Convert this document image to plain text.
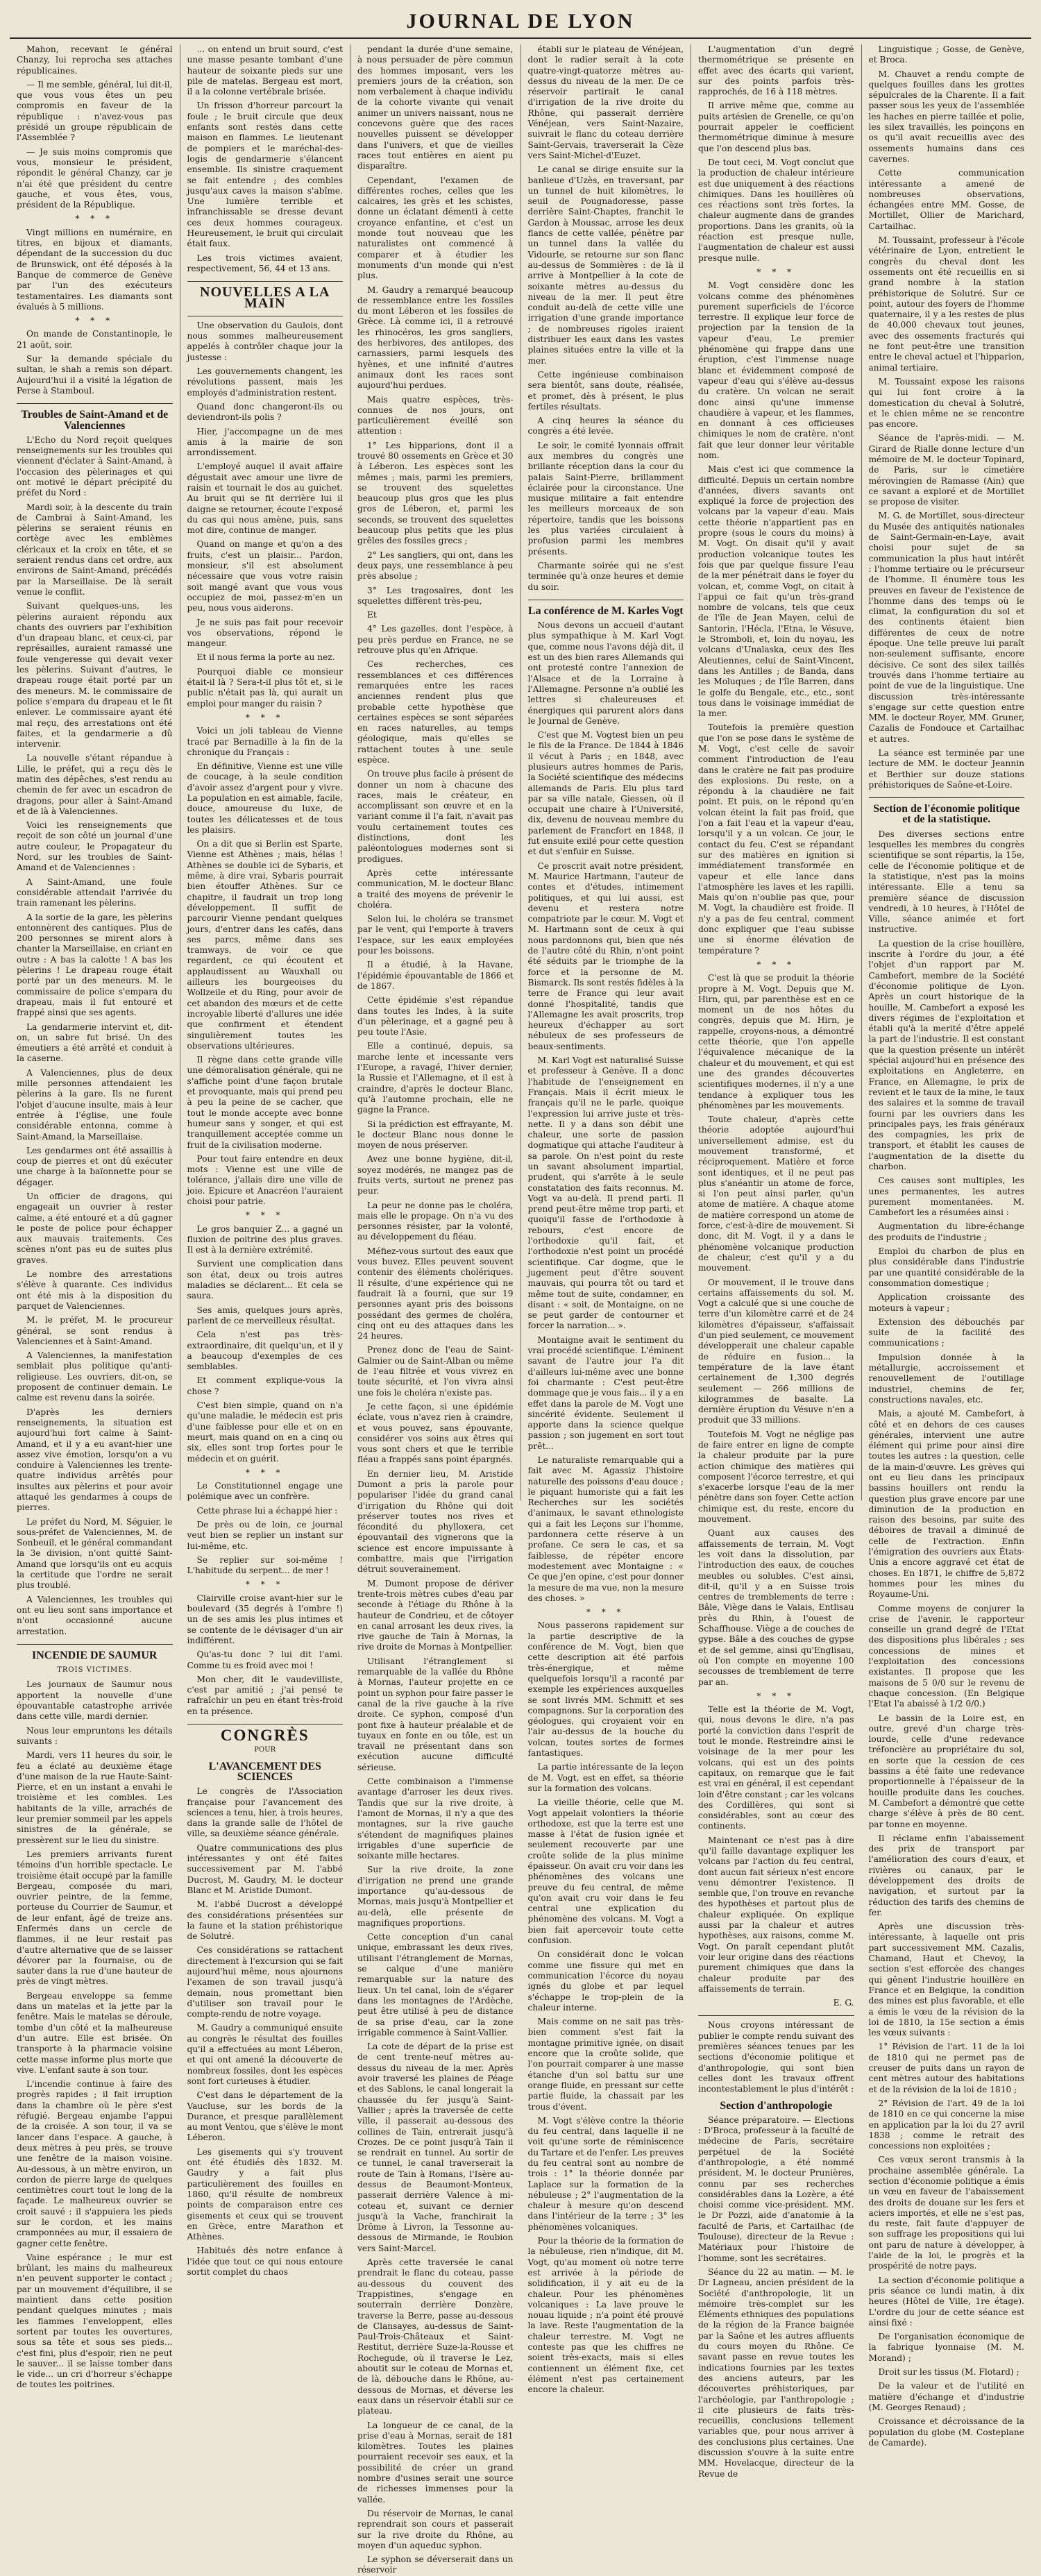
JOURNAL DE LYON

Mahon, recevant le général Chanzy, lui reprocha ses attaches républicaines.

— Il me semble, général, lui dit-il, que vous vous êtes un peu compromis en faveur de la république : n'avez-vous pas présidé un groupe républicain de l'Assemblée ?

— Je suis moins compromis que vous, monsieur le président, répondit le général Chanzy, car je n'ai été que président du centre gauche, et vous êtes, vous, président de la République.

* * *

Vingt millions en numéraire, en titres, en bijoux et diamants, dépendant de la succession du duc de Brunswick, ont été déposés à la Banque de commerce de Genève par l'un des exécuteurs testamentaires. Les diamants sont évalués à 5 millions.

* * *

On mande de Constantinople, le 21 août, soir.

Sur la demande spéciale du sultan, le shah a remis son départ. Aujourd'hui il a visité la légation de Perse à Stamboul.

Troubles de Saint-Amand et de Valenciennes

L'Echo du Nord reçoit quelques renseignements sur les troubles qui viennent d'éclater à Saint-Amand, à l'occasion des pèlerinages et qui ont motivé le départ précipité du préfet du Nord :

Mardi soir, à la descente du train de Cambrai à Saint-Amand, les pèlerins se seraient réunis en cortège avec les emblèmes cléricaux et la croix en tête, et se seraient rendus dans cet ordre, aux environs de Saint-Amand, précédés par la Marseillaise. De là serait venue le conflit.

Suivant quelques-uns, les pèlerins auraient répondu aux chants des ouvriers par l'exhibition d'un drapeau blanc, et ceux-ci, par représailles, auraient ramassé une foule vengeresse qui devait vexer les pèlerins. Suivant d'autres, le drapeau rouge était porté par un des meneurs. M. le commissaire de police s'empara du drapeau et le fit enlever. Le commissaire ayant été mal reçu, des arrestations ont été faites, et la gendarmerie a dû intervenir.

La nouvelle s'étant répandue à Lille, le préfet, qui a reçu dès le matin des dépêches, s'est rendu au chemin de fer avec un escadron de dragons, pour aller à Saint-Amand et de là à Valenciennes.

Voici les renseignements que reçoit de son côté un journal d'une autre couleur, le Propagateur du Nord, sur les troubles de Saint-Amand et de Valenciennes :

A Saint-Amand, une foule considérable attendait l'arrivée du train ramenant les pèlerins.

A la sortie de la gare, les pèlerins entonnèrent des cantiques. Plus de 200 personnes se mirent alors à chanter la Marseillaise, en criant en outre : A bas la calotte ! A bas les pèlerins ! Le drapeau rouge était porté par un des meneurs. M. le commissaire de police s'empara du drapeau, mais il fut entouré et frappé ainsi que ses agents.

La gendarmerie intervint et, dit-on, un sabre fut brisé. Un des émeutiers a été arrêté et conduit à la caserne.

A Valenciennes, plus de deux mille personnes attendaient les pèlerins à la gare. Ils ne furent l'objet d'aucune insulte, mais à leur entrée à l'église, une foule considérable entonna, comme à Saint-Amand, la Marseillaise.

Les gendarmes ont été assaillis à coup de pierres et ont dû exécuter une charge à la baïonnette pour se dégager.

Un officier de dragons, qui engageait un ouvrier à rester calme, a été entouré et a dû gagner le poste de police pour échapper aux mauvais traitements. Ces scènes n'ont pas eu de suites plus graves.

Le nombre des arrestations s'élève à quarante. Ces individus ont été mis à la disposition du parquet de Valenciennes.

M. le préfet, M. le procureur général, se sont rendus à Valenciennes et à Saint-Amand.

A Valenciennes, la manifestation semblait plus politique qu'anti-religieuse. Les ouvriers, dit-on, se proposent de continuer demain. Le calme est revenu dans la soirée.

D'après les derniers renseignements, la situation est aujourd'hui fort calme à Saint-Amand, et il y a eu avant-hier une assez vive émotion, lorsqu'on a vu conduire à Valenciennes les trente-quatre individus arrêtés pour insultes aux pèlerins et pour avoir attaqué les gendarmes à coups de pierres.

Le préfet du Nord, M. Séguier, le sous-préfet de Valenciennes, M. de Sonbeuil, et le général commandant la 3e division, n'ont quitté Saint-Amand que lorsqu'ils ont eu acquis la certitude que l'ordre ne serait plus troublé.

A Valenciennes, les troubles qui ont eu lieu sont sans importance et n'ont occasionné aucune arrestation.

INCENDIE DE SAUMUR
TROIS VICTIMES.

Les journaux de Saumur nous apportent la nouvelle d'une épouvantable catastrophe arrivée dans cette ville, mardi dernier.

Nous leur empruntons les détails suivants :

Mardi, vers 11 heures du soir, le feu a éclaté au deuxième étage d'une maison de la rue Haute-Saint-Pierre, et en un instant a envahi le troisième et les combles. Les habitants de la ville, arrachés de leur premier sommeil par les appels sinistres de la générale, se pressèrent sur le lieu du sinistre.

Les premiers arrivants furent témoins d'un horrible spectacle. Le troisième était occupé par la famille Bergeau, composée du mari, ouvrier peintre, de la femme, porteuse du Courrier de Saumur, et de leur enfant, âgé de treize ans. Enfermés dans un cercle de flammes, il ne leur restait pas d'autre alternative que de se laisser dévorer par la fournaise, ou de sauter dans la rue d'une hauteur de près de vingt mètres.

Bergeau enveloppe sa femme dans un matelas et la jette par la fenêtre. Mais le matelas se déroule, tombe d'un côté et la malheureuse d'un autre. Elle est brisée. On transporte à la pharmacie voisine cette masse informe plus morte que vive. L'enfant saute à son tour.

L'incendie continue à faire des progrès rapides ; il fait irruption dans la chambre où le père s'est réfugié. Bergeau enjambe l'appui de la croisée. A son tour, il va se lancer dans l'espace. A gauche, à deux mètres à peu près, se trouve une fenêtre de la maison voisine. Au-dessous, à un mètre environ, un cordon de pierre large de quelques centimètres court tout le long de la façade. Le malheureux ouvrier se croit sauvé : il s'appuiera les pieds sur le cordon, et les mains cramponnées au mur, il essaiera de gagner cette fenêtre.

Vaine espérance ; le mur est brûlant, les mains du malheureux n'en peuvent supporter le contact ; par un mouvement d'équilibre, il se maintient dans cette position pendant quelques minutes ; mais les flammes l'enveloppent, elles sortent par toutes les ouvertures, sous sa tête et sous ses pieds... c'est fini, plus d'espoir, rien ne peut le sauver... il se laisse tomber dans le vide... un cri d'horreur s'échappe de toutes les poitrines.

... on entend un bruit sourd, c'est une masse pesante tombant d'une hauteur de soixante pieds sur une pile de matelas. Bergeau est mort, il a la colonne vertébrale brisée.

Un frisson d'horreur parcourt la foule ; le bruit circule que deux enfants sont restés dans cette maison en flammes. Le lieutenant de pompiers et le maréchal-des-logis de gendarmerie s'élancent ensemble. Ils sinistre craquement se fait entendre ; des combles jusqu'aux caves la maison s'abîme. Une lumière terrible et infranchissable se dresse devant ces deux hommes courageux. Heureusement, le bruit qui circulait était faux.

Les trois victimes avaient, respectivement, 56, 44 et 13 ans.

NOUVELLES A LA MAIN

Une observation du Gaulois, dont nous sommes malheureusement appelés à contrôler chaque jour la justesse :

Les gouvernements changent, les révolutions passent, mais les employés d'administration restent.

Quand donc changeront-ils ou deviendront-ils polis ?

Hier, j'accompagne un de mes amis à la mairie de son arrondissement.

L'employé auquel il avait affaire dégustait avec amour une livre de raisin et tournait le dos au guichet. Au bruit qui se fit derrière lui il daigne se retourner, écoute l'exposé du cas qui nous amène, puis, sans mot dire, continue de manger.

Quand on mange et qu'on a des fruits, c'est un plaisir... Pardon, monsieur, s'il est absolument nécessaire que vous votre raisin soit mangé avant que vous vous occupiez de moi, passez-m'en un peu, nous vous aiderons.

Je ne suis pas fait pour recevoir vos observations, répond le mangeur.

Et il nous ferma la porte au nez.

Pourquoi diable ce monsieur était-il là ? Sera-t-il plus tôt et, si le public n'était pas là, qui aurait un emploi pour manger du raisin ?

* * *

Voici un joli tableau de Vienne tracé par Bernadille à la fin de la chronique du Français :

En définitive, Vienne est une ville de coucage, à la seule condition d'avoir assez d'argent pour y vivre. La population en est aimable, facile, douce, amoureuse du luxe, de toutes les délicatesses et de tous les plaisirs.

On a dit que si Berlin est Sparte, Vienne est Athènes ; mais, hélas ! Athènes se double ici de Sybaris, et même, à dire vrai, Sybaris pourrait bien étouffer Athènes. Sur ce chapitre, il faudrait un trop long développement. Il suffit de parcourir Vienne pendant quelques jours, d'entrer dans les cafés, dans ses parcs, même dans ses tramways, de voir ce que regardent, ce qui écoutent et applaudissent au Wauxhall ou ailleurs les bourgeoises du Wollzeile et du Ring, pour avoir de cet abandon des mœurs et de cette incroyable liberté d'allures une idée que confirment et étendent singulièrement toutes les observations ultérieures.

Il règne dans cette grande ville une démoralisation générale, qui ne s'affiche point d'une façon brutale et provoquante, mais qui prend peu à peu la peine de se cacher, que tout le monde accepte avec bonne humeur sans y songer, et qui est tranquillement acceptée comme un fruit de la civilisation moderne.

Pour tout faire entendre en deux mots : Vienne est une ville de tolérance, j'allais dire une ville de joie. Epicure et Anacréon l'auraient choisi pour patrie.

* * *

Le gros banquier Z... a gagné un fluxion de poitrine des plus graves. Il est à la dernière extrémité.

Survient une complication dans son état, deux ou trois autres maladies se déclarent... Et cela se saura.

Ses amis, quelques jours après, parlent de ce merveilleux résultat.

Cela n'est pas très-extraordinaire, dit quelqu'un, et il y a beaucoup d'exemples de ces semblables.

Et comment explique-vous la chose ?

C'est bien simple, quand on n'a qu'une maladie, le médecin est pris d'une faiblesse pour elle et on en meurt, mais quand on en a cinq ou six, elles sont trop fortes pour le médecin et on guérit.

* * *

Le Constitutionnel engage une polémique avec un confrère.

Cette phrase lui a échappé hier :

De près ou de loin, ce journal veut bien se replier un instant sur lui-même, etc.

Se replier sur soi-même ! L'habitude du serpent... de mer !

* * *

Clairville croise avant-hier sur le boulevard (35 degrés à l'ombre !) un de ses amis les plus intimes et se contente de le dévisager d'un air indifférent.

Qu'as-tu donc ? lui dit l'ami. Comme tu es froid avec moi !

Mon cher, dit le vaudevilliste, c'est par amitié ; j'ai pensé te rafraîchir un peu en étant très-froid en ta présence.

CONGRÈS
POUR
L'AVANCEMENT DES SCIENCES

Le congrès de l'Association française pour l'avancement des sciences a tenu, hier, à trois heures, dans la grande salle de l'hôtel de ville, sa deuxième séance générale.

Quatre communications des plus intéressantes y ont été faites successivement par M. l'abbé Ducrost, M. Gaudry, M. le docteur Blanc et M. Aristide Dumont.

M. l'abbé Ducrost a développé des considérations présentées sur la faune et la station préhistorique de Solutré.

Ces considérations se rattachent directement à l'excursion qui se fait aujourd'hui même, nous ajournons l'examen de son travail jusqu'à demain, nous promettant bien d'utiliser son travail pour le compte-rendu de notre voyage.

M. Gaudry a communiqué ensuite au congrès le résultat des fouilles qu'il a effectuées au mont Léberon, et qui ont amené la découverte de nombreux fossiles, dont les espèces sont fort curieuses à étudier.

C'est dans le département de la Vaucluse, sur les bords de la Durance, et presque parallèlement au mont Ventou, que s'élève le mont Léberon.

Les gisements qui s'y trouvent ont été étudiés dès 1832. M. Gaudry y a fait plus particulièrement des fouilles en 1860, qu'il résulte de nombreux points de comparaison entre ces gisements et ceux qui se trouvent en Grèce, entre Marathon et Athènes.

Habitués dès notre enfance à l'idée que tout ce qui nous entoure sortit complet du chaos

pendant la durée d'une semaine, à nous persuader de père commun des hommes imposant, vers les premiers jours de la création, son nom verbalement à chaque individu de la cohorte vivante qui venait animer un univers naissant, nous ne concevons guère que des races nouvelles puissent se développer dans l'univers, et que de vieilles races tout entières en aient pu disparaître.

Cependant, l'examen de différentes roches, celles que les calcaires, les grès et les schistes, donne un éclatant démenti à cette croyance enfantine, et c'est un monde tout nouveau que les naturalistes ont commencé à comparer et à étudier les monuments d'un monde qui n'est plus.

M. Gaudry a remarqué beaucoup de ressemblance entre les fossiles du mont Léberon et les fossiles de Grèce. Là comme ici, il a retrouvé les rhinocéros, les gros sangliers, des herbivores, des antilopes, des carnassiers, parmi lesquels des hyènes, et une infinité d'autres animaux dont les races sont aujourd'hui perdues.

Mais quatre espèces, très-connues de nos jours, ont particulièrement éveillé son attention :

1° Les hipparions, dont il a trouvé 80 ossements en Grèce et 30 à Léberon. Les espèces sont les mêmes ; mais, parmi les premiers, se trouvent des squelettes beaucoup plus gros que les plus gros de Léberon, et, parmi les seconds, se trouvent des squelettes beaucoup plus petits que les plus grêles des fossiles grecs ;

2° Les sangliers, qui ont, dans les deux pays, une ressemblance à peu près absolue ;

3° Les tragosaires, dont les squelettes diffèrent très-peu,

Et

4° Les gazelles, dont l'espèce, à peu près perdue en France, ne se retrouve plus qu'en Afrique.

Ces recherches, ces ressemblances et ces différences remarquées entre les races anciennes rendent plus que probable cette hypothèse que certaines espèces se sont séparées en races naturelles, au temps géologique, mais qu'elles se rattachent toutes à une seule espèce.

On trouve plus facile à présent de donner un nom à chacune des races, mais le créateur, en accomplissant son œuvre et en la variant comme il l'a fait, n'avait pas voulu certainement toutes ces distinctions, dont les paléontologues modernes sont si prodigues.

Après cette intéressante communication, M. le docteur Blanc a traité des moyens de prévenir le choléra.

Selon lui, le choléra se transmet par le vent, qui l'emporte à travers l'espace, sur les eaux employées pour les boissons.

Il a étudié, à la Havane, l'épidémie épouvantable de 1866 et de 1867.

Cette épidémie s'est répandue dans toutes les Indes, à la suite d'un pèlerinage, et a gagné peu à peu toute l'Asie.

Elle a continué, depuis, sa marche lente et incessante vers l'Europe, a ravagé, l'hiver dernier, la Russie et l'Allemagne, et il est à craindre, d'après le docteur Blanc, qu'à l'automne prochain, elle ne gagne la France.

Si la prédiction est effrayante, M. le docteur Blanc nous donne le moyen de nous préserver.

Avez une bonne hygiène, dit-il, soyez modérés, ne mangez pas de fruits verts, surtout ne prenez pas peur.

La peur ne donne pas le choléra, mais elle le propage. On n'a vu des personnes résister, par la volonté, au développement du fléau.

Méfiez-vous surtout des eaux que vous buvez. Elles peuvent souvent contenir des éléments cholériques. Il résulte, d'une expérience qui ne faudrait là a fourni, que sur 19 personnes ayant pris des boissons possédant des germes de choléra, cinq ont eu des attaques dans les 24 heures.

Prenez donc de l'eau de Saint-Galmier ou de Saint-Alban ou même de l'eau filtrée et vous vivrez en toute sécurité, et l'on vivra ainsi une fois le choléra n'existe pas.

Je cette façon, si une épidémie éclate, vous n'avez rien à craindre, et vous pouvez, sans épouvante, considérer vos soins aux êtres qui vous sont chers et que le terrible fléau a frappés sans point épargnés.

En dernier lieu, M. Aristide Dumont a pris la parole pour populariser l'idée du grand canal d'irrigation du Rhône qui doit préserver toutes nos rives et fécondité du phylloxera, cet épouvantail des vignerons que la science est encore impuissante à combattre, mais que l'irrigation détruit souverainement.

M. Dumont propose de dériver trente-trois mètres cubes d'eau par seconde à l'étiage du Rhône à la hauteur de Condrieu, et de côtoyer en canal arrosant les deux rives, la rive gauche de Tain à Mornas, la rive droite de Mornas à Montpellier.

Utilisant l'étranglement si remarquable de la vallée du Rhône à Mornas, l'auteur projette en ce point un syphon pour faire passer le canal de la rive gauche à la rive droite. Ce syphon, composé d'un pont fixe à hauteur préalable et de tuyaux en fonte en ou tôle, est un travail ne présentant dans son exécution aucune difficulté sérieuse.

Cette combinaison a l'immense avantage d'arroser les deux rives. Tandis que sur la rive droite, à l'amont de Mornas, il n'y a que des montagnes, sur la rive gauche s'étendent de magnifiques plaines irrigables d'une superficie de soixante mille hectares.

Sur la rive droite, la zone d'irrigation ne prend une grande importance qu'au-dessous de Mornas, mais jusqu'à Montpellier et au-delà, elle présente de magnifiques proportions.

Cette conception d'un canal unique, embrassant les deux rives, utilisant l'étranglement de Mornas, se calque d'une manière remarquable sur la nature des lieux. Un tel canal, loin de s'égarer dans les montagnes de l'Ardèche, peut être utilisé à peu de distance de sa prise d'eau, car la zone irrigable commence à Saint-Vallier.

La cote de départ de la prise est de cent trente-neuf mètres au-dessus du niveau de la mer. Après avoir traversé les plaines de Péage et des Sablons, le canal longerait la chaussée du fer jusqu'à Saint-Vallier ; après la traversée de cette ville, il passerait au-dessous des collines de Tain, entrerait jusqu'à Crozes. De ce point jusqu'à Tain il se rendrait en tunnel. Au sortir de ce tunnel, le canal traverserait la route de Tain à Romans, l'Isère au-dessus de Beaumont-Monteux, passerait derrière Valence à mi-coteau et, suivant ce dernier jusqu'à la Vache, franchirait la Drôme à Livron, la Tessonne au-dessous de Mirmande, le Roubion vers Saint-Marcel.

Après cette traversée le canal prendrait le flanc du coteau, passe au-dessous du couvent des Trappistines, s'engage en souterrain derrière Donzère, traverse la Berre, passe au-dessous de Clansayes, au-dessus de Saint-Paul-Trois-Châteaux et Saint-Restitut, derrière Suze-la-Rousse et Rochegude, où il traverse le Lez, aboutit sur le coteau de Mornas et, de là, débouche dans le Rhône, au-dessous de Mornas, et déverse les eaux dans un réservoir établi sur ce plateau.

La longueur de ce canal, de la prise d'eau à Mornas, serait de 181 kilomètres. Toutes les plaines pourraient recevoir ses eaux, et la possibilité de créer un grand nombre d'usines serait une source de richesses immenses pour la vallée.

Du réservoir de Mornas, le canal reprendrait son cours et passerait sur la rive droite du Rhône, au moyen d'un aqueduc syphon.

Le syphon se déverserait dans un réservoir

établi sur le plateau de Vénéjean, dont le radier serait à la cote quatre-vingt-quatorze mètres au-dessus du niveau de la mer. De ce réservoir partirait le canal d'irrigation de la rive droite du Rhône, qui passerait derrière Vénéjean, vers Saint-Nazaire, suivrait le flanc du coteau derrière Saint-Gervais, traverserait la Cèze vers Saint-Michel-d'Euzet.

Le canal se dirige ensuite sur la banlieue d'Uzès, en traversant, par un tunnel de huit kilomètres, le seuil de Pougnadoresse, passe derrière Saint-Chaptes, franchit le Gardon à Moussac, arrose les deux flancs de cette vallée, pénètre par un tunnel dans la vallée du Vidourle, se retourne sur son flanc au-dessus de Sommières : de là il arrive à Montpellier à la cote de soixante mètres au-dessus du niveau de la mer. Il peut être conduit au-delà de cette ville une irrigation d'une grande importance ; de nombreuses rigoles iraient distribuer les eaux dans les vastes plaines situées entre la ville et la mer.

Cette ingénieuse combinaison sera bientôt, sans doute, réalisée, et promet, dès à présent, le plus fertiles résultats.

A cinq heures la séance du congrès a été levée.

Le soir, le comité lyonnais offrait aux membres du congrès une brillante réception dans la cour du palais Saint-Pierre, brillamment éclairée pour la circonstance. Une musique militaire a fait entendre les meilleurs morceaux de son répertoire, tandis que les boissons les plus variées circulaient à profusion parmi les membres présents.

Charmante soirée qui ne s'est terminée qu'à onze heures et demie du soir.

La conférence de M. Karles Vogt

Nous devons un accueil d'autant plus sympathique à M. Karl Vogt que, comme nous l'avons déjà dit, il est un des bien rares Allemands qui ont protesté contre l'annexion de l'Alsace et de la Lorraine à l'Allemagne. Personne n'a oublié les lettres si chaleureuses et énergiques qui parurent alors dans le Journal de Genève.

C'est que M. Vogtest bien un peu le fils de la France. De 1844 à 1846 il vécut à Paris ; en 1848, avec plusieurs autres hommes de Paris, la Société scientifique des médecins allemands de Paris. Elu plus tard par sa ville natale, Giessen, où il occupait une chaire à l'Université, dix, devenu de nouveau membre du parlement de Francfort en 1848, il fut ensuite exilé pour cette question et dut s'enfuir en Suisse.

Ce proscrit avait notre président, M. Maurice Hartmann, l'auteur de contes et d'études, intimement politiques, et qui lui aussi, est devenu et restera notre compatriote par le cœur. M. Vogt et M. Hartmann sont de ceux à qui nous pardonnons qui, bien que nés de l'autre côté du Rhin, n'ont point été séduits par le triomphe de la force et la personne de M. Bismarck. Ils sont restés fidèles à la terre de France qui leur avait donné l'hospitalité, tandis que l'Allemagne les avait proscrits, trop heureux d'échapper au sort nébuleux de ses professeurs de beaux-sentiments.

M. Karl Vogt est naturalisé Suisse et professeur à Genève. Il a donc l'habitude de l'enseignement en Français. Mais il écrit mieux le français qu'il ne le parle, quoique l'expression lui arrive juste et très-nette. Il y a dans son débit une chaleur, une sorte de passion dogmatique qui attache l'auditeur à sa parole. On n'est point du reste un savant absolument impartial, prudent, qui s'arrête à le seule constatation des faits reconnus. M. Vogt va au-delà. Il prend parti. Il prend peut-être même trop parti, et quoiqu'il fasse de l'orthodoxie à rebours, c'est encore de l'orthodoxie qu'il fait, et l'orthodoxie n'est point un procédé scientifique. Car dogme, que le jugement peut d'être souvent mauvais, qui pourra tôt ou tard et même tout de suite, condamner, en disant : « soit, de Montaigne, on ne se peut garder de contourner et forcer la narration... ».

Montaigne avait le sentiment du vrai procédé scientifique. L'éminent savant de l'autre jour l'a dit d'ailleurs lui-même avec une bonne foi charmante : C'est peut-être dommage que je vous fais... il y a en effet dans la parole de M. Vogt une sincérité évidente. Seulement il apporte dans la science quelque passion ; son jugement en sort tout prêt...

Le naturaliste remarquable qui a fait avec M. Agassiz l'histoire naturelle des poissons d'eau douce ; le piquant humoriste qui a fait les Recherches sur les sociétés d'animaux, le savant ethnologiste qui a fait les Leçons sur l'homme, pardonnera cette réserve à un profane. Ce sera le cas, et sa faiblesse, de répéter encore modestement avec Montaigne : « Ce que j'en opine, c'est pour donner la mesure de ma vue, non la mesure des choses. »

* * *

Nous passerons rapidement sur la partie descriptive de la conférence de M. Vogt, bien que cette description ait été parfois très-énergique, et même quelquefois lorsqu'il a raconté par exemple les expériences auxquelles se sont livrés MM. Schmitt et ses compagnons. Sur la corporation des géologues, qui croyaient voir en l'air au-dessus de la bouche du volcan, toutes sortes de formes fantastiques.

La partie intéressante de la leçon de M. Vogt, est en effet, sa théorie sur la formation des volcans.

La vieille théorie, celle que M. Vogt appelait volontiers la théorie orthodoxe, est que la terre est une masse à l'état de fusion ignée et seulement recouverte par une croûte solide de la plus minime épaisseur. On avait cru voir dans les phénomènes des volcans une preuve du feu central, de même qu'on avait cru voir dans le feu central une explication du phénomène des volcans. M. Vogt a bien fait apercevoir toute cette confusion.

On considérait donc le volcan comme une fissure qui met en communication l'écorce du noyau ignés du globe et par lequel s'échappe le trop-plein de la chaleur interne.

Mais comme on ne sait pas très-bien comment s'est fait la montagne primitive ignée, on disait encore que la croûte solide, que l'on pourrait comparer à une masse étanche d'un sol battu sur une orange fluide, en pressant sur cette partie fluide, la chassait par les trous d'évent.

M. Vogt s'élève contre la théorie du feu central, dans laquelle il ne voit qu'une sorte de réminiscence du Tartare et de l'enfer. Les preuves du feu central sont au nombre de trois : 1° la théorie donnée par Laplace sur la formation de la nébuleuse ; 2° l'augmentation de la chaleur à mesure qu'on descend dans l'intérieur de la terre ; 3° les phénomènes volcaniques.

Pour la théorie de la formation de la nébuleuse, rien n'indique, dit M. Vogt, qu'au moment où notre terre est arrivée à la période de solidification, il y ait eu de la chaleur. Pour les phénomènes volcaniques : La lave prouve le nouau liquide ; n'a point été prouvé la lave. Reste l'augmentation de la chaleur terrestre. M. Vogt ne conteste pas que les chiffres ne soient très-exacts, mais si elles contiennent un élément fixe, cet élément n'est pas certainement encore la chaleur.

L'augmentation d'un degré thermométrique se présente en effet avec des écarts qui varient, sur des points parfois très-rapprochés, de 16 à 118 mètres.

Il arrive même que, comme au puits artésien de Grenelle, ce qu'on pourrait appeler le coefficient thermométrique diminue à mesure que l'on descend plus bas.

De tout ceci, M. Vogt conclut que la production de chaleur intérieure est due uniquement à des réactions chimiques. Dans les houillères où ces réactions sont très fortes, la chaleur augmente dans de grandes proportions. Dans les granits, où la réaction est presque nulle, l'augmentation de chaleur est aussi presque nulle.

* * *

M. Vogt considère donc les volcans comme des phénomènes purement superficiels de l'écorce terrestre. Il explique leur force de projection par la tension de la vapeur d'eau. Le premier phénomène qui frappe dans une éruption, c'est l'immense nuage blanc et évidemment composé de vapeur d'eau qui s'élève au-dessus du cratère. Un volcan ne serait donc ainsi qu'une immense chaudière à vapeur, et les flammes, en donnant à ces officieuses chimiques le nom de cratère, n'ont fait que leur donner leur véritable nom.

Mais c'est ici que commence la difficulté. Depuis un certain nombre d'années, divers savants ont expliqué la force de projection des volcans par la vapeur d'eau. Mais cette théorie n'appartient pas en propre (sous le cours du moins) à M. Vogt. On disait qu'il y avait production volcanique toutes les fois que par quelque fissure l'eau de la mer pénétrait dans le foyer du volcan, et, comme Vogt, on citait à l'appui ce fait qu'un très-grand nombre de volcans, tels que ceux de l'île de Jean Mayen, celui de Santorin, l'Hécla, l'Etna, le Vésuve, le Stromboli, et, loin du noyau, les volcans d'Unalaska, ceux des îles Aleutiennes, celui de Saint-Vincent, dans les Antilles ; de Banda, dans les Moluques ; de l'île Barren, dans le golfe du Bengale, etc., etc., sont tous dans le voisinage immédiat de la mer.

Toutefois la première question que l'on se pose dans le système de M. Vogt, c'est celle de savoir comment l'introduction de l'eau dans le cratère ne fait pas produire des explosions. Du reste, on a répondu à la chaudière ne fait point. Et puis, on le répond qu'en volcan éteint la fait pas froid, que l'on a fait l'eau et la vapeur d'eau, lorsqu'il y a un volcan. Ce jour, le contact du feu. C'est se répandant sur des matières en ignition si immédiatement transformée en vapeur et elle lance dans l'atmosphère les laves et les rapilli. Mais qu'on n'oublie pas que, pour M. Vogt, la chaudière est froide. Il n'y a pas de feu central, comment donc expliquer que l'eau subisse une si énorme élévation de température ?

* * *

C'est là que se produit la théorie propre à M. Vogt. Depuis que M. Hirn, qui, par parenthèse est en ce moment un de nos hôtes du congrès, depuis que M. Hirn, je rappelle, croyons-nous, a démontré cette théorie, que l'on appelle l'équivalence mécanique de la chaleur et du mouvement, et qui est une des grandes découvertes scientifiques modernes, il n'y a une tendance à expliquer tous les phénomènes par les mouvements.

Toute chaleur, d'après cette théorie adoptée aujourd'hui universellement admise, est du mouvement transformé, et réciproquement. Matière et force sont identiques, et il ne peut pas plus s'anéantir un atome de force, si l'on peut ainsi parler, qu'un atome de matière. A chaque atome de matière correspond un atome de force, c'est-à-dire de mouvement. Si donc, dit M. Vogt, il y a dans le phénomène volcanique production de chaleur, c'est qu'il y a du mouvement.

Or mouvement, il le trouve dans certains affaissements du sol. M. Vogt a calculé que si une couche de terre d'un kilomètre carré et de 24 kilomètres d'épaisseur, s'affaissait d'un pied seulement, ce mouvement développerait une chaleur capable de réduire en fusion... la température de la lave étant certainement de 1,300 degrés seulement — 266 millions de kilogrammes de basalte. La dernière éruption du Vésuve n'en a produit que 33 millions.

Toutefois M. Vogt ne néglige pas de faire entrer en ligne de compte la chaleur produite par la pure action chimique des matières qui composent l'écorce terrestre, et qui s'exacerbe lorsque l'eau de la mer pénètre dans son foyer. Cette action chimique est, du reste, encore du mouvement.

Quant aux causes des affaissements de terrain, M. Vogt les voit dans la dissolution, par l'introduction des eaux, de couches meubles ou solubles. C'est ainsi, dit-il, qu'il y a en Suisse trois centres de tremblements de terre : Bâle, Viège dans le Valais, Entlisau près du Rhin, à l'ouest de Schaffhouse. Viège a de couches de gypse. Bâle a des couches de gypse et de sel gemme, ainsi qu'Englisau, où l'on compte en moyenne 100 secousses de tremblement de terre par an.

* * *

Telle est la théorie de M. Vogt, qui, nous devons le dire, n'a pas porté la conviction dans l'esprit de tout le monde. Restreindre ainsi le voisinage de la mer pour les volcans, qui est un des points capitaux, on remarque que le fait est vrai en général, il est cependant loin d'être constant ; car les volcans des Cordillères, qui sont si considérables, sont au cœur des continents.

Maintenant ce n'est pas à dire qu'il faille davantage expliquer les volcans par l'action du feu central, dont aucun fait sérieux n'est encore venu démontrer l'existence. Il semble que, l'on trouve en revanche des hypothèses et partout plus de chaleur expliquée. On explique aussi par la chaleur et autres hypothèses, aux raisons, comme M. Vogt. On paraît cependant plutôt voir leur origine dans des réactions purement chimiques que dans la chaleur produite par des affaissements de terrain.

E. G.

Nous croyons intéressant de publier le compte rendu suivant des premières séances tenues par les sections d'économie politique et d'anthropologie, qui sont bien celles dont les travaux offrent incontestablement le plus d'intérêt :

Section d'anthropologie

Séance préparatoire. — Elections : D'Broca, professeur à la faculté de médecine de Paris, secrétaire perpétuel de la Société d'anthropologie, a été nommé président, M. le docteur Prunières, connu par ses recherches considérables dans la Lozère, a été choisi comme vice-président. MM. le Dr Pozzi, aide d'anatomie à la faculté de Paris, et Cartailhac (de Toulouse), directeur de la Revue : Matériaux pour l'histoire de l'homme, sont les secrétaires.

Séance du 22 au matin. — M. le Dr Lagneau, ancien président de la Société d'anthropologie, lit un mémoire très-complet sur les Éléments ethniques des populations de la région de la France baignée par la Saône et les autres affluents du cours moyen du Rhône. Ce savant passe en revue toutes les indications fournies par les textes des anciens auteurs, par les découvertes préhistoriques, par l'archéologie, par l'anthropologie ; il cite plusieurs de faits très-recueillis, conclusions tellement variables que, pour nous arriver à des conclusions plus certaines. Une discussion s'ouvre à la suite entre MM. Hovelacque, directeur de la Revue de

Linguistique ; Gosse, de Genève, et Broca.

M. Chauvet a rendu compte de quelques fouilles dans les grottes sépulcrales de la Charente. Il a fait passer sous les yeux de l'assemblée les haches en pierre taillée et polie, les silex travaillés, les poinçons en os qu'il avait recueillis avec des ossements humains dans ces cavernes.

Cette communication intéressante a amené de nombreuses observations, échangées entre MM. Gosse, de Mortillet, Ollier de Marichard, Cartailhac.

M. Toussaint, professeur à l'école vétérinaire de Lyon, entretient le congrès du cheval dont les ossements ont été recueillis en si grand nombre à la station préhistorique de Solutré. Sur ce point, autour des foyers de l'homme quaternaire, il y a les restes de plus de 40,000 chevaux tout jeunes, avec des ossements fracturés qui ne font peut-être une transition entre le cheval actuel et l'hipparion, animal tertiaire.

M. Toussaint expose les raisons qui lui font croire à la domestication du cheval à Solutré, et le chien même ne se rencontre pas encore.

Séance de l'après-midi. — M. Girard de Rialle donne lecture d'un mémoire de M. le docteur Topinard, de Paris, sur le cimetière mérovingien de Ramasse (Ain) que ce savant a exploré et de Mortillet se propose de visiter.

M. G. de Mortillet, sous-directeur du Musée des antiquités nationales de Saint-Germain-en-Laye, avait choisi pour sujet de sa communication la plus haut intérêt : l'homme tertiaire ou le précurseur de l'homme. Il énumère tous les preuves en faveur de l'existence de l'homme dans des temps où le climat, la configuration du sol et des continents étaient bien différentes de ceux de notre époque. Une telle preuve lui paraît non-seulement suffisante, encore décisive. Ce sont des silex taillés trouvés dans l'homme tertiaire au point de vue de la linguistique. Une discussion très-intéressante s'engage sur cette question entre MM. le docteur Royer, MM. Gruner, Cazalis de Fondouce et Cartailhac et autres.

La séance est terminée par une lecture de MM. le docteur Jeannin et Berthier sur douze stations préhistoriques de Saône-et-Loire.

Section de l'économie politique et de la statistique.

Des diverses sections entre lesquelles les membres du congrès scientifique se sont répartis, la 15e, celle de l'économie politique et de la statistique, n'est pas la moins intéressante. Elle a tenu sa première séance de discussion vendredi, à 10 heures, à l'Hôtel de Ville, séance animée et fort instructive.

La question de la crise houillère, inscrite à l'ordre du jour, a été l'objet d'un rapport par M. Cambefort, membre de la Société d'économie politique de Lyon. Après un court historique de la houille, M. Cambefort a exposé les divers régimes de l'exploitation et établi qu'à la merité d'être appelé la part de l'industrie. Il est constant que la question présente un intérêt spécial aujourd'hui en présence des exploitations en Angleterre, en France, en Allemagne, le prix de revient et le taux de la mine, le taux des salaires et la somme de travail fourni par les ouvriers dans les principales pays, les frais généraux des compagnies, les prix de transport, et établit les causes de l'augmentation de la disette du charbon.

Ces causes sont multiples, les unes permanentes, les autres purement momentanées. M. Cambefort les a résumées ainsi :

Augmentation du libre-échange des produits de l'industrie ;

Emploi du charbon de plus en plus considérable dans l'industrie par une quantité considérable de la consommation domestique ;

Application croissante des moteurs à vapeur ;

Extension des débouchés par suite de la facilité des communications ;

Impulsion donnée à la métallurgie, accroissement et renouvellement de l'outillage industriel, chemins de fer, constructions navales, etc.

Mais, a ajouté M. Cambefort, à côté et en dehors de ces causes générales, intervient une autre élément qui prime pour ainsi dire toutes les autres : la question, celle de la main-d'œuvre. Les grèves qui ont eu lieu dans les principaux bassins houillers ont rendu la question plus grave encore par une diminution de la production en raison des besoins, par suite des déboires de travail a diminué de celle de l'extraction. Enfin l'émigration des ouvriers aux États-Unis a encore aggravé cet état de choses. En 1871, le chiffre de 5,872 hommes pour les mines du Royaume-Uni.

Comme moyens de conjurer la crise de l'avenir, le rapporteur conseille un grand degré de l'Etat des dispositions plus libérales ; ses concessions de mines et l'exploitation des concessions existantes. Il propose que les maisons de 5 0/0 sur le revenu de chaque concession. (En Belgique l'Etat l'a abaissé à 1/2 0/0.)

Le bassin de la Loire est, en outre, grevé d'un charge très-lourde, celle d'une redevance tréfoncière au propriétaire du sol, en sorte que la cession de ces bassins a été faite une redevance proportionnelle à l'épaisseur de la houille produite dans les couches. M. Cambefort a démontré que cette charge s'élève à près de 80 cent. par tonne en moyenne.

Il réclame enfin l'abaissement des prix de transport par l'amélioration des cours d'eaux, et rivières ou canaux, par le développement des droits de navigation, et surtout par la réduction des tarifs des chemins de fer.

Après une discussion très-intéressante, à laquelle ont pris part successivement MM. Cazalis, Chamand, Haut et Chevoy, la section s'est efforcée des changes qui gênent l'industrie houillère en France et en Belgique, la condition des mines est plus favorable, et elle a émis le vœu de la révision de la loi de 1810, la 15e section a émis les vœux suivants :

1° Révision de l'art. 11 de la loi de 1810 qui ne permet pas de creuser de puits dans un rayon de cent mètres autour des habitations et de la révision de la loi de 1810 ;

2° Révision de l'art. 49 de la loi de 1810 en ce qui concerne la mise en application par la loi du 27 avril 1838 ; comme le retrait des concessions non exploitées ;

Ces vœux seront transmis à la prochaine assemblée générale. La section d'économie politique a émis un vœu en faveur de l'abaissement des droits de douane sur les fers et aciers importés, et elle ne s'est pas, du reste, fait faute d'appuyer de son suffrage les propositions qui lui ont paru de nature à développer, à l'aide de la loi, le progrès et la prospérité de notre pays.

La section d'économie politique a pris séance ce lundi matin, à dix heures (Hôtel de Ville, 1re étage). L'ordre du jour de cette séance est ainsi fixé :

De l'organisation économique de la fabrique lyonnaise (M. M. Morand) ;

Droit sur les tissus (M. Flotard) ;

De la valeur et de l'utilité en matière d'échange et d'industrie (M. Georges Renaud) ;

Croissance et décroissance de la population du globe (M. Costeplane de Camarde).
